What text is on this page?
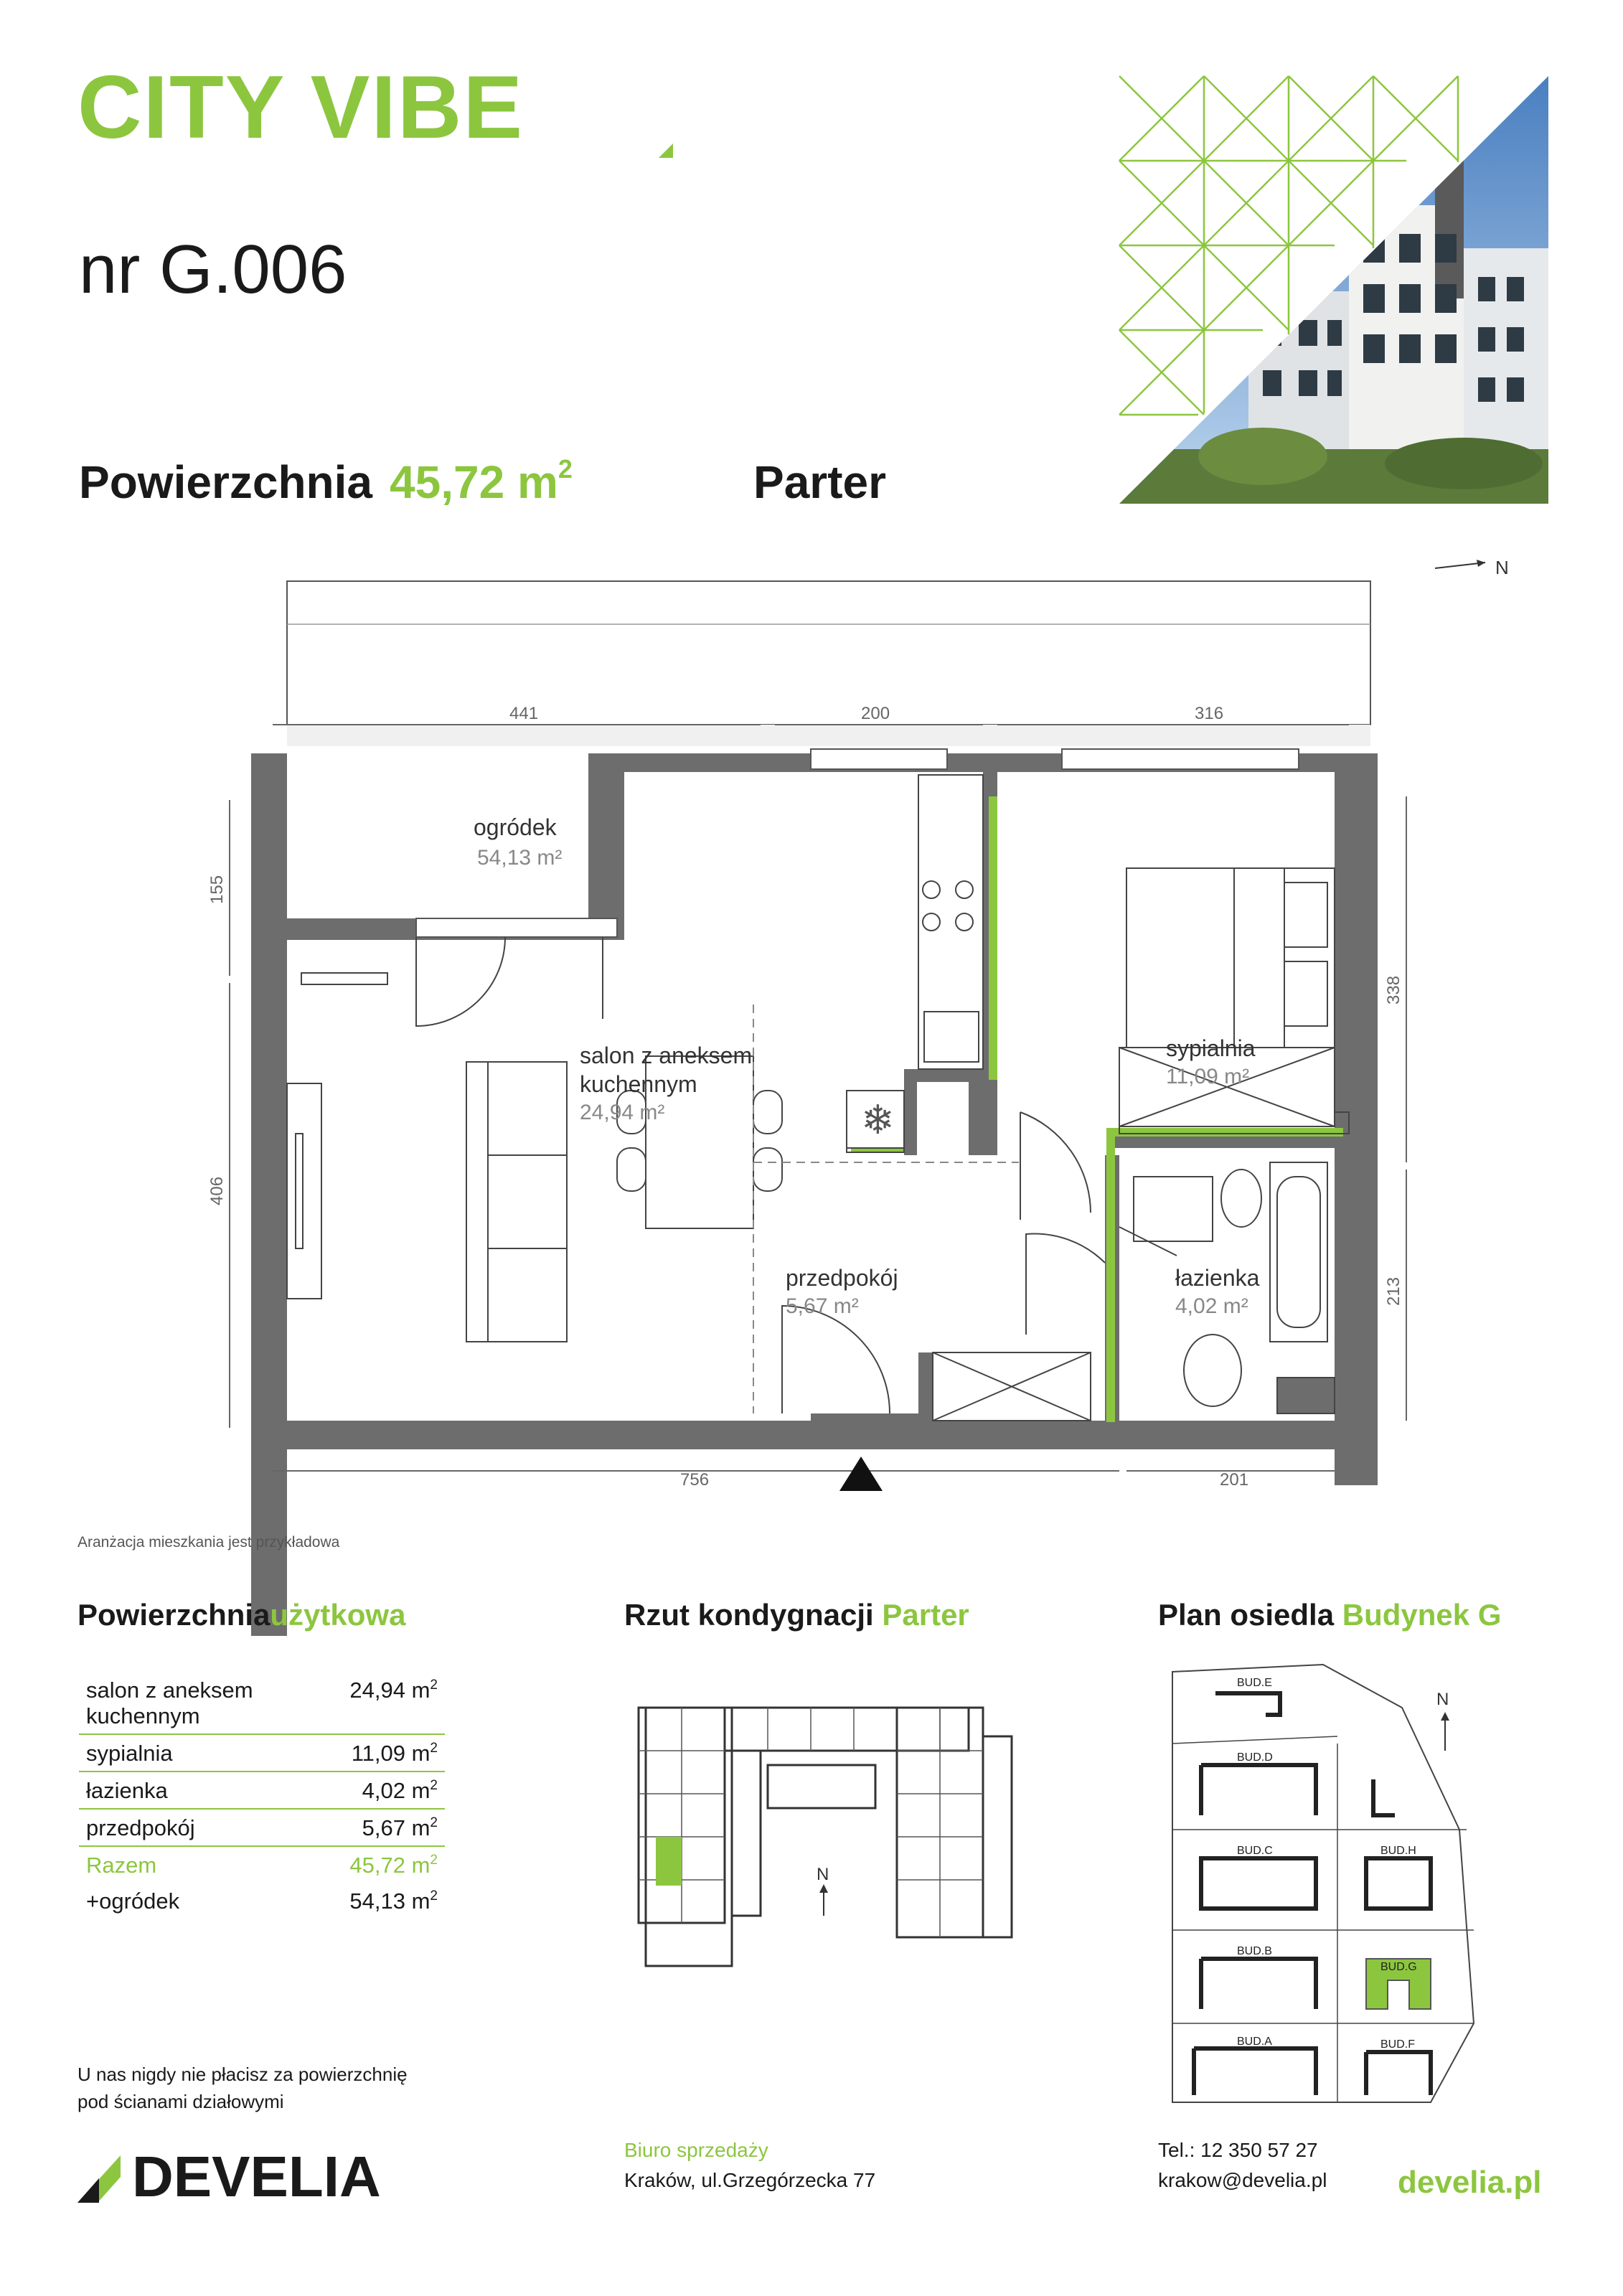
CITY VIBE
nr G.006
Powierzchnia 45,72 $m^2$	Parter
N
441	200	316
❄
ogródek
54,13 m²
salon z aneksem
kuchennym
24,94 m²
sypialnia
11,09 m²
przedpokój
5,67 m²
łazienka
4,02 m²
155
406
338
213
756	201
Aranżacja mieszkania jest przykładowa
Powierzchniaużytkowa	Rzut kondygnacji Parter	Plan osiedla Budynek G
salon z aneksem
kuchennym
24,94 $m^2$
sypialnia	11,09 $m^2$
łazienka	4,02 $m^2$
przedpokój	5,67 $m^2$
Razem	45,72 $m^2$
+ogródek	54,13 $m^2$
N
BUD.E
BUD.D
BUD.C	BUD.H
BUD.B
BUD.G
BUD.A	BUD.F
N
U nas nigdy nie płacisz za powierzchnię
pod ścianami działowymi
DEVELIA	Biuro sprzedaży
Kraków, ul.Grzegórzecka 77
Tel.: 12 350 57 27
krakow@develia.pl develia.pl
